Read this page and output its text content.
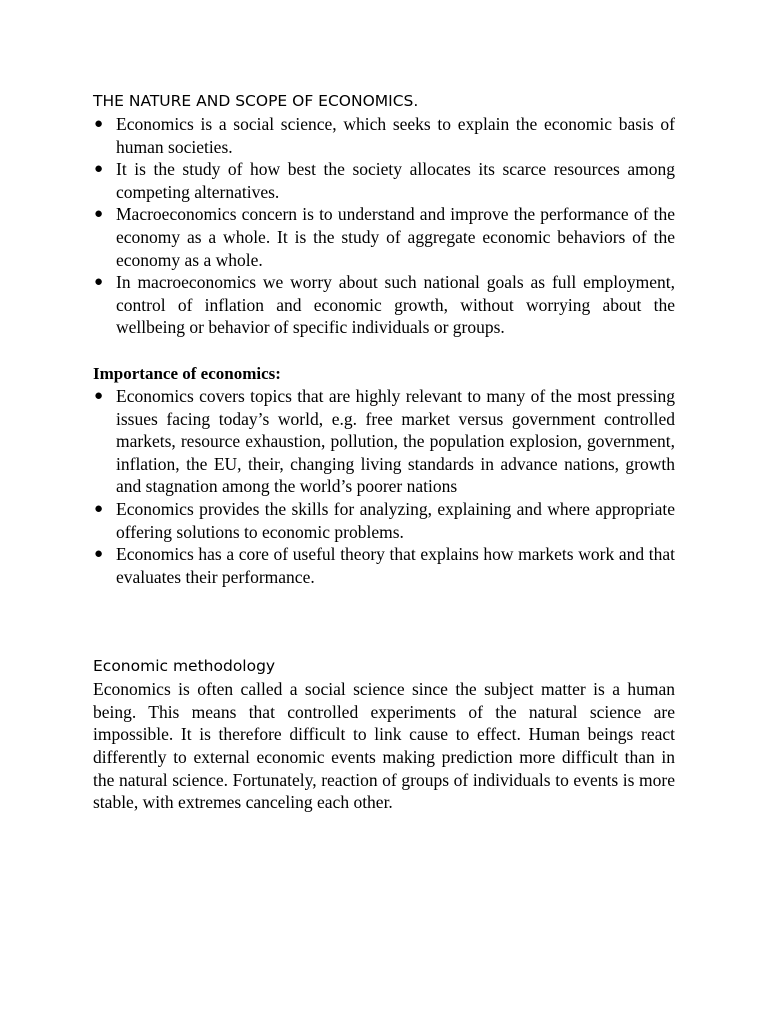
THE NATURE AND SCOPE OF ECONOMICS.
● Economics is a social science, which seeks to explain the economic basis of human societies.
● It is the study of how best the society allocates its scarce resources among competing alternatives.
● Macroeconomics concern is to understand and improve the performance of the economy as a whole. It is the study of aggregate economic behaviors of the economy as a whole.
● In macroeconomics we worry about such national goals as full employment, control of inflation and economic growth, without worrying about the wellbeing or behavior of specific individuals or groups.
Importance of economics:
● Economics covers topics that are highly relevant to many of the most pressing issues facing today’s world, e.g. free market versus government controlled markets, resource exhaustion, pollution, the population explosion, government, inflation, the EU, their, changing living standards in advance nations, growth and stagnation among the world’s poorer nations
● Economics provides the skills for analyzing, explaining and where appropriate offering solutions to economic problems.
● Economics has a core of useful theory that explains how markets work and that evaluates their performance.
Economic methodology

Economics is often called a social science since the subject matter is a human being. This means that controlled experiments of the natural science are impossible. It is therefore difficult to link cause to effect. Human beings react differently to external economic events making prediction more difficult than in the natural science. Fortunately, reaction of groups of individuals to events is more stable, with extremes canceling each other.
